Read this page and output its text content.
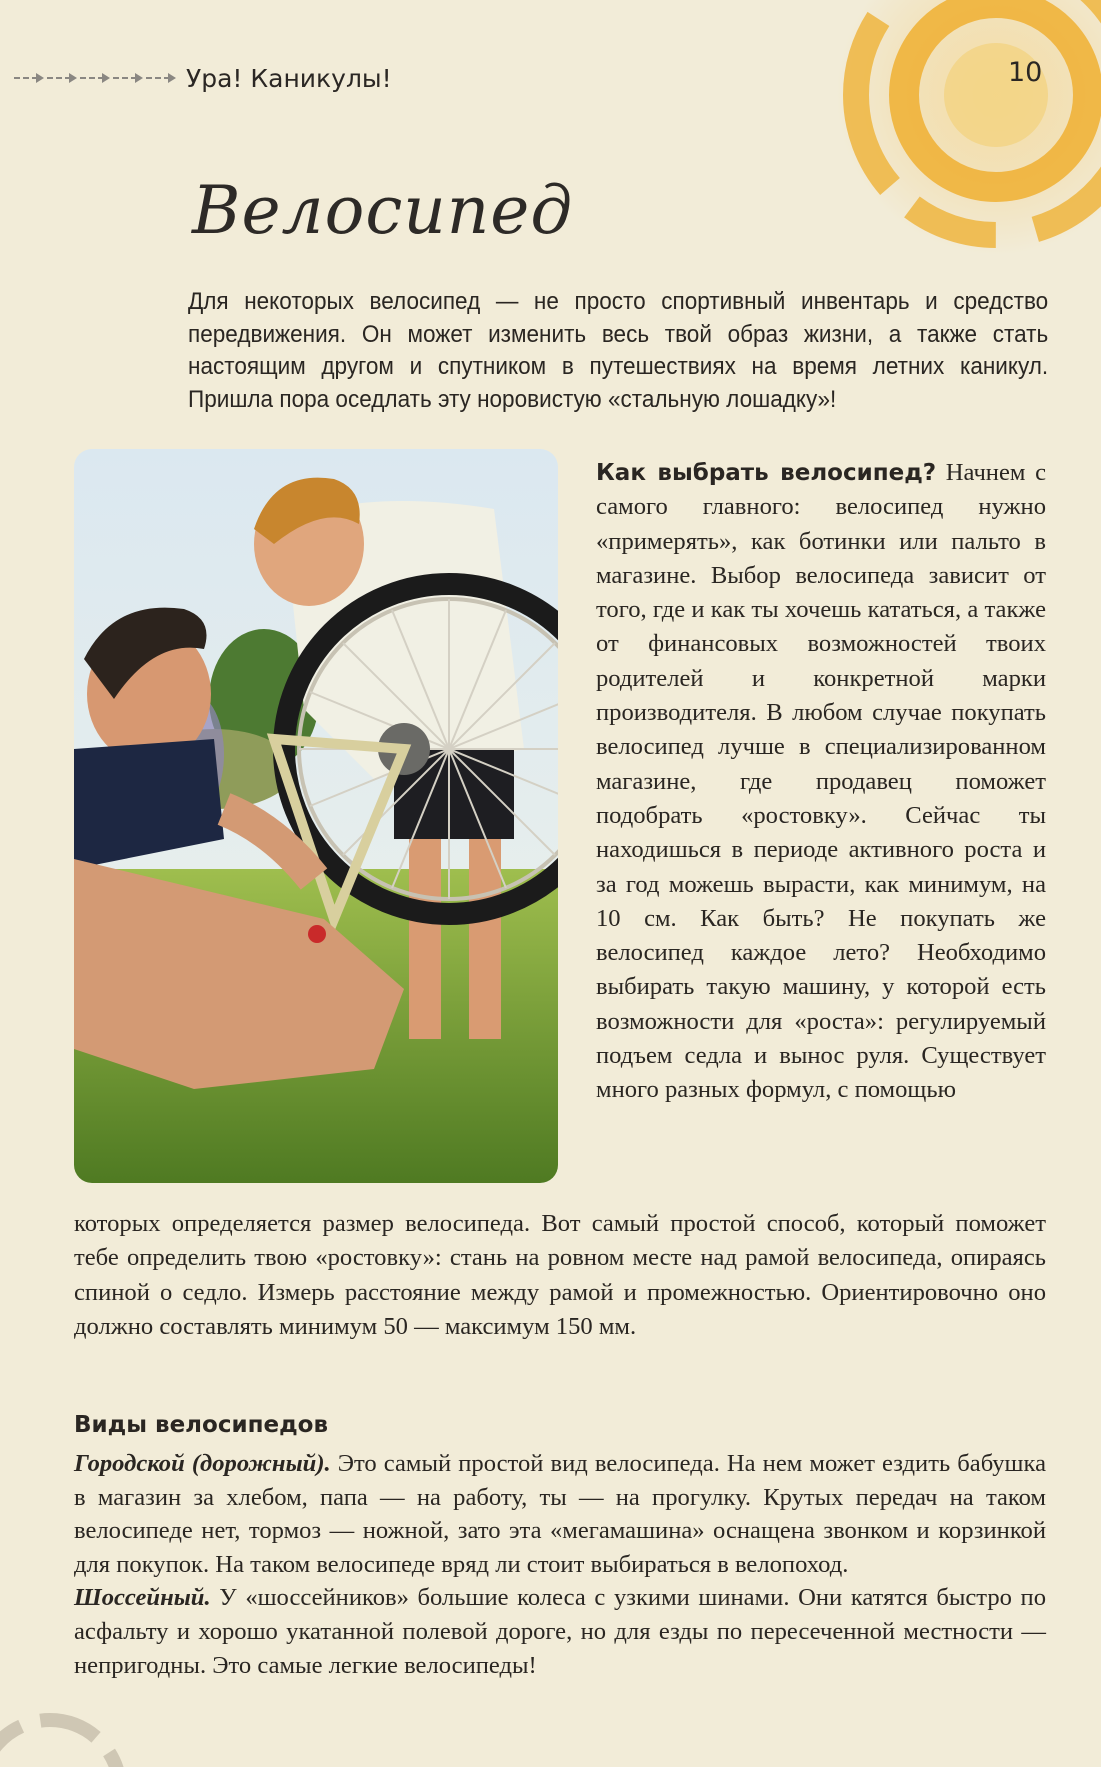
Ура! Каникулы!	10
Велосипед
Для некоторых велосипед — не просто спортивный инвентарь и средство передвижения. Он может изменить весь твой образ жизни, а также стать настоящим другом и спутником в путешествиях на время летних каникул. Пришла пора оседлать эту норовистую «стальную лошадку»!
Как выбрать велосипед? Начнем с самого главного: велосипед нужно «примерять», как ботинки или пальто в магазине. Выбор велосипеда зависит от того, где и как ты хочешь кататься, а также от финансовых возможностей твоих родителей и конкретной марки производителя. В любом случае покупать велосипед лучше в специализированном магазине, где продавец поможет подобрать «ростовку». Сейчас ты находишься в периоде активного роста и за год можешь вырасти, как минимум, на 10 см. Как быть? Не покупать же велосипед каждое лето? Необходимо выбирать такую машину, у которой есть возможности для «роста»: регулируемый подъем седла и вынос руля. Существует много разных формул, с помощью
которых определяется размер велосипеда. Вот самый простой способ, который поможет тебе определить твою «ростовку»: стань на ровном месте над рамой велосипеда, опираясь спиной о седло. Измерь расстояние между рамой и промежностью. Ориентировочно оно должно составлять минимум 50 — максимум 150 мм.
Виды велосипедов

Городской (дорожный). Это самый простой вид велосипеда. На нем может ездить бабушка в магазин за хлебом, папа — на работу, ты — на прогулку. Крутых передач на таком велосипеде нет, тормоз — ножной, зато эта «мегамашина» оснащена звонком и корзинкой для покупок. На таком велосипеде вряд ли стоит выбираться в велопоход.

Шоссейный. У «шоссейников» большие колеса с узкими шинами. Они катятся быстро по асфальту и хорошо укатанной полевой дороге, но для езды по пересеченной местности — непригодны. Это самые легкие велосипеды!
